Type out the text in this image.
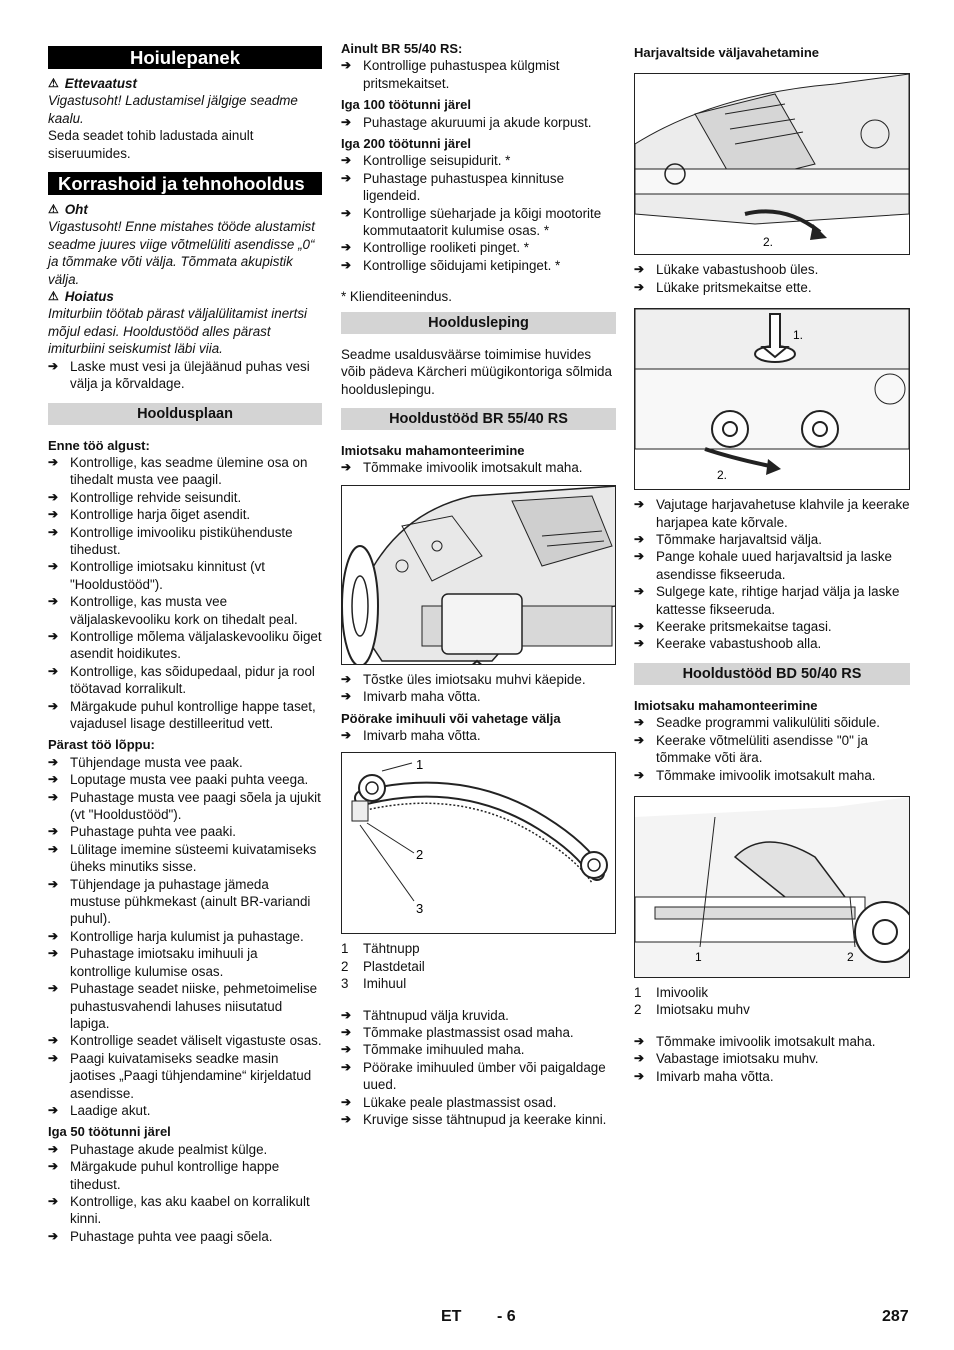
Hoiulepanek
⚠ Ettevaatust
Vigastusoht! Ladustamisel jälgige seadme kaalu.
Seda seadet tohib ladustada ainult siseruumides.
Korrashoid ja tehnohooldus
⚠ Oht
Vigastusoht! Enne mistahes tööde alustamist seadme juures viige võtmelüliti asendisse „0“ ja tõmmake võti välja. Tõmmata akupistik välja.
⚠ Hoiatus
Imiturbiin töötab pärast väljalülitamist inertsi mõjul edasi. Hooldustööd alles pärast imiturbiini seiskumist läbi viia.
➔ Laske must vesi ja ülejäänud puhas vesi välja ja kõrvaldage.
Hooldusplaan
Enne töö algust:
➔ Kontrollige, kas seadme ülemine osa on tihedalt musta vee paagil.
➔ Kontrollige rehvide seisundit.
➔ Kontrollige harja õiget asendit.
➔ Kontrollige imivooliku pistikühenduste tihedust.
➔ Kontrollige imiotsaku kinnitust (vt "Hooldustööd").
➔ Kontrollige, kas musta vee väljalaskevooliku kork on tihedalt peal.
➔ Kontrollige mõlema väljalaskevooliku õiget asendit hoidikutes.
➔ Kontrollige, kas sõidupedaal, pidur ja rool töötavad korralikult.
➔ Märgakude puhul kontrollige happe taset, vajadusel lisage destilleeritud vett.
Pärast töö lõppu:
➔ Tühjendage musta vee paak.
➔ Loputage musta vee paaki puhta veega.
➔ Puhastage musta vee paagi sõela ja ujukit (vt "Hooldustööd").
➔ Puhastage puhta vee paaki.
➔ Lülitage imemine süsteemi kuivatamiseks üheks minutiks sisse.
➔ Tühjendage ja puhastage jämeda mustuse pühkmekast (ainult BR-variandi puhul).
➔ Kontrollige harja kulumist ja puhastage.
➔ Puhastage imiotsaku imihuuli ja kontrollige kulumise osas.
➔ Puhastage seadet niiske, pehmetoimelise puhastusvahendi lahuses niisutatud lapiga.
➔ Kontrollige seadet väliselt vigastuste osas.
➔ Paagi kuivatamiseks seadke masin jaotises „Paagi tühjendamine“ kirjeldatud asendisse.
➔ Laadige akut.
Iga 50 töötunni järel
➔ Puhastage akude pealmist külge.
➔ Märgakude puhul kontrollige happe tihedust.
➔ Kontrollige, kas aku kaabel on korralikult kinni.
➔ Puhastage puhta vee paagi sõela.
Ainult BR 55/40 RS:
➔ Kontrollige puhastuspea külgmist pritsmekaitset.
Iga 100 töötunni järel
➔ Puhastage akuruumi ja akude korpust.
Iga 200 töötunni järel
➔ Kontrollige seisupidurit. *
➔ Puhastage puhastuspea kinnituse ligendeid.
➔ Kontrollige süeharjade ja kõigi mootorite kommutaatorit kulumise osas. *
➔ Kontrollige rooliketi pinget. *
➔ Kontrollige sõidujami ketipinget. *
* Klienditeenindus.
Hooldusleping
Seadme usaldusväärse toimimise huvides võib pädeva Kärcheri müügikontoriga sõlmida hoolduslepingu.
Hooldustööd BR 55/40 RS
Imiotsaku mahamonteerimine
➔ Tõmmake imivoolik imotsakult maha.
➔ Tõstke üles imiotsaku muhvi käepide.
➔ Imivarb maha võtta.
Pöörake imihuuli või vahetage välja
➔ Imivarb maha võtta.
1
2
3
1	Tähtnupp
2	Plastdetail
3	Imihuul
➔ Tähtnupud välja kruvida.
➔ Tõmmake plastmassist osad maha.
➔ Tõmmake imihuuled maha.
➔ Pöörake imihuuled ümber või paigaldage uued.
➔ Lükake peale plastmassist osad.
➔ Kruvige sisse tähtnupud ja keerake kinni.
Harjavaltside väljavahetamine
2.
➔ Lükake vabastushoob üles.
➔ Lükake pritsmekaitse ette.
1.
2.
➔ Vajutage harjavahetuse klahvile ja keerake harjapea kate kõrvale.
➔ Tõmmake harjavaltsid välja.
➔ Pange kohale uued harjavaltsid ja laske asendisse fikseeruda.
➔ Sulgege kate, rihtige harjad välja ja laske kattesse fikseeruda.
➔ Keerake pritsmekaitse tagasi.
➔ Keerake vabastushoob alla.
Hooldustööd BD 50/40 RS
Imiotsaku mahamonteerimine
➔ Seadke programmi valikulüliti sõidule.
➔ Keerake võtmelüliti asendisse "0" ja tõmmake võti ära.
➔ Tõmmake imivoolik imotsakult maha.
1	2
1	Imivoolik
2	Imiotsaku muhv
➔ Tõmmake imivoolik imotsakult maha.
➔ Vabastage imiotsaku muhv.
➔ Imivarb maha võtta.
ET - 6	287
